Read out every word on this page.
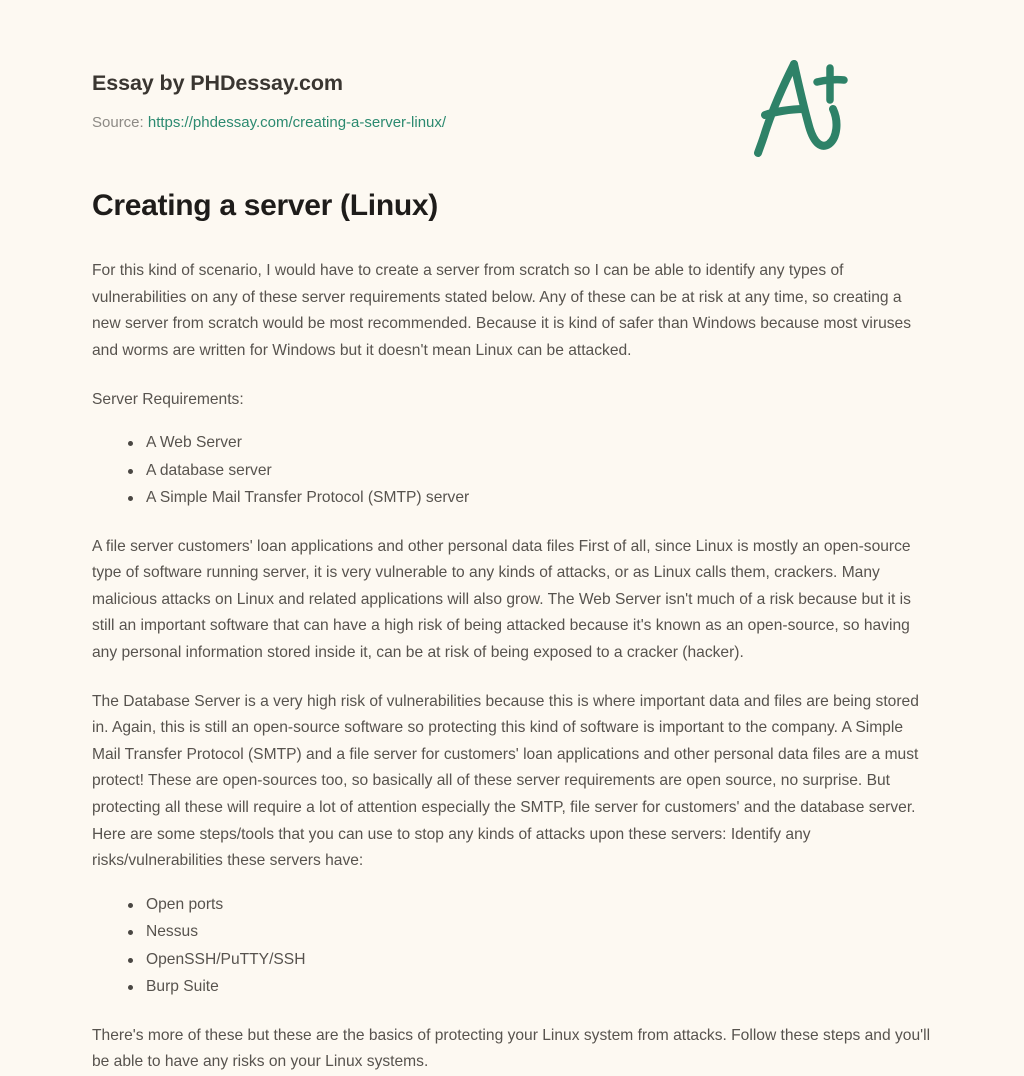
Essay by PHDessay.com
Source: https://phdessay.com/creating-a-server-linux/
Creating a server (Linux)

For this kind of scenario, I would have to create a server from scratch so I can be able to identify any types of vulnerabilities on any of these server requirements stated below. Any of these can be at risk at any time, so creating a new server from scratch would be most recommended. Because it is kind of safer than Windows because most viruses and worms are written for Windows but it doesn't mean Linux can be attacked.

Server Requirements:

A Web Server
A database server
A Simple Mail Transfer Protocol (SMTP) server

A file server customers' loan applications and other personal data files First of all, since Linux is mostly an open-source type of software running server, it is very vulnerable to any kinds of attacks, or as Linux calls them, crackers. Many malicious attacks on Linux and related applications will also grow. The Web Server isn't much of a risk because but it is still an important software that can have a high risk of being attacked because it's known as an open-source, so having any personal information stored inside it, can be at risk of being exposed to a cracker (hacker).

The Database Server is a very high risk of vulnerabilities because this is where important data and files are being stored in. Again, this is still an open-source software so protecting this kind of software is important to the company. A Simple Mail Transfer Protocol (SMTP) and a file server for customers' loan applications and other personal data files are a must protect! These are open-sources too, so basically all of these server requirements are open source, no surprise. But protecting all these will require a lot of attention especially the SMTP, file server for customers' and the database server. Here are some steps/tools that you can use to stop any kinds of attacks upon these servers: Identify any risks/vulnerabilities these servers have:

Open ports
Nessus
OpenSSH/PuTTY/SSH
Burp Suite

There's more of these but these are the basics of protecting your Linux system from attacks. Follow these steps and you'll be able to have any risks on your Linux systems.
